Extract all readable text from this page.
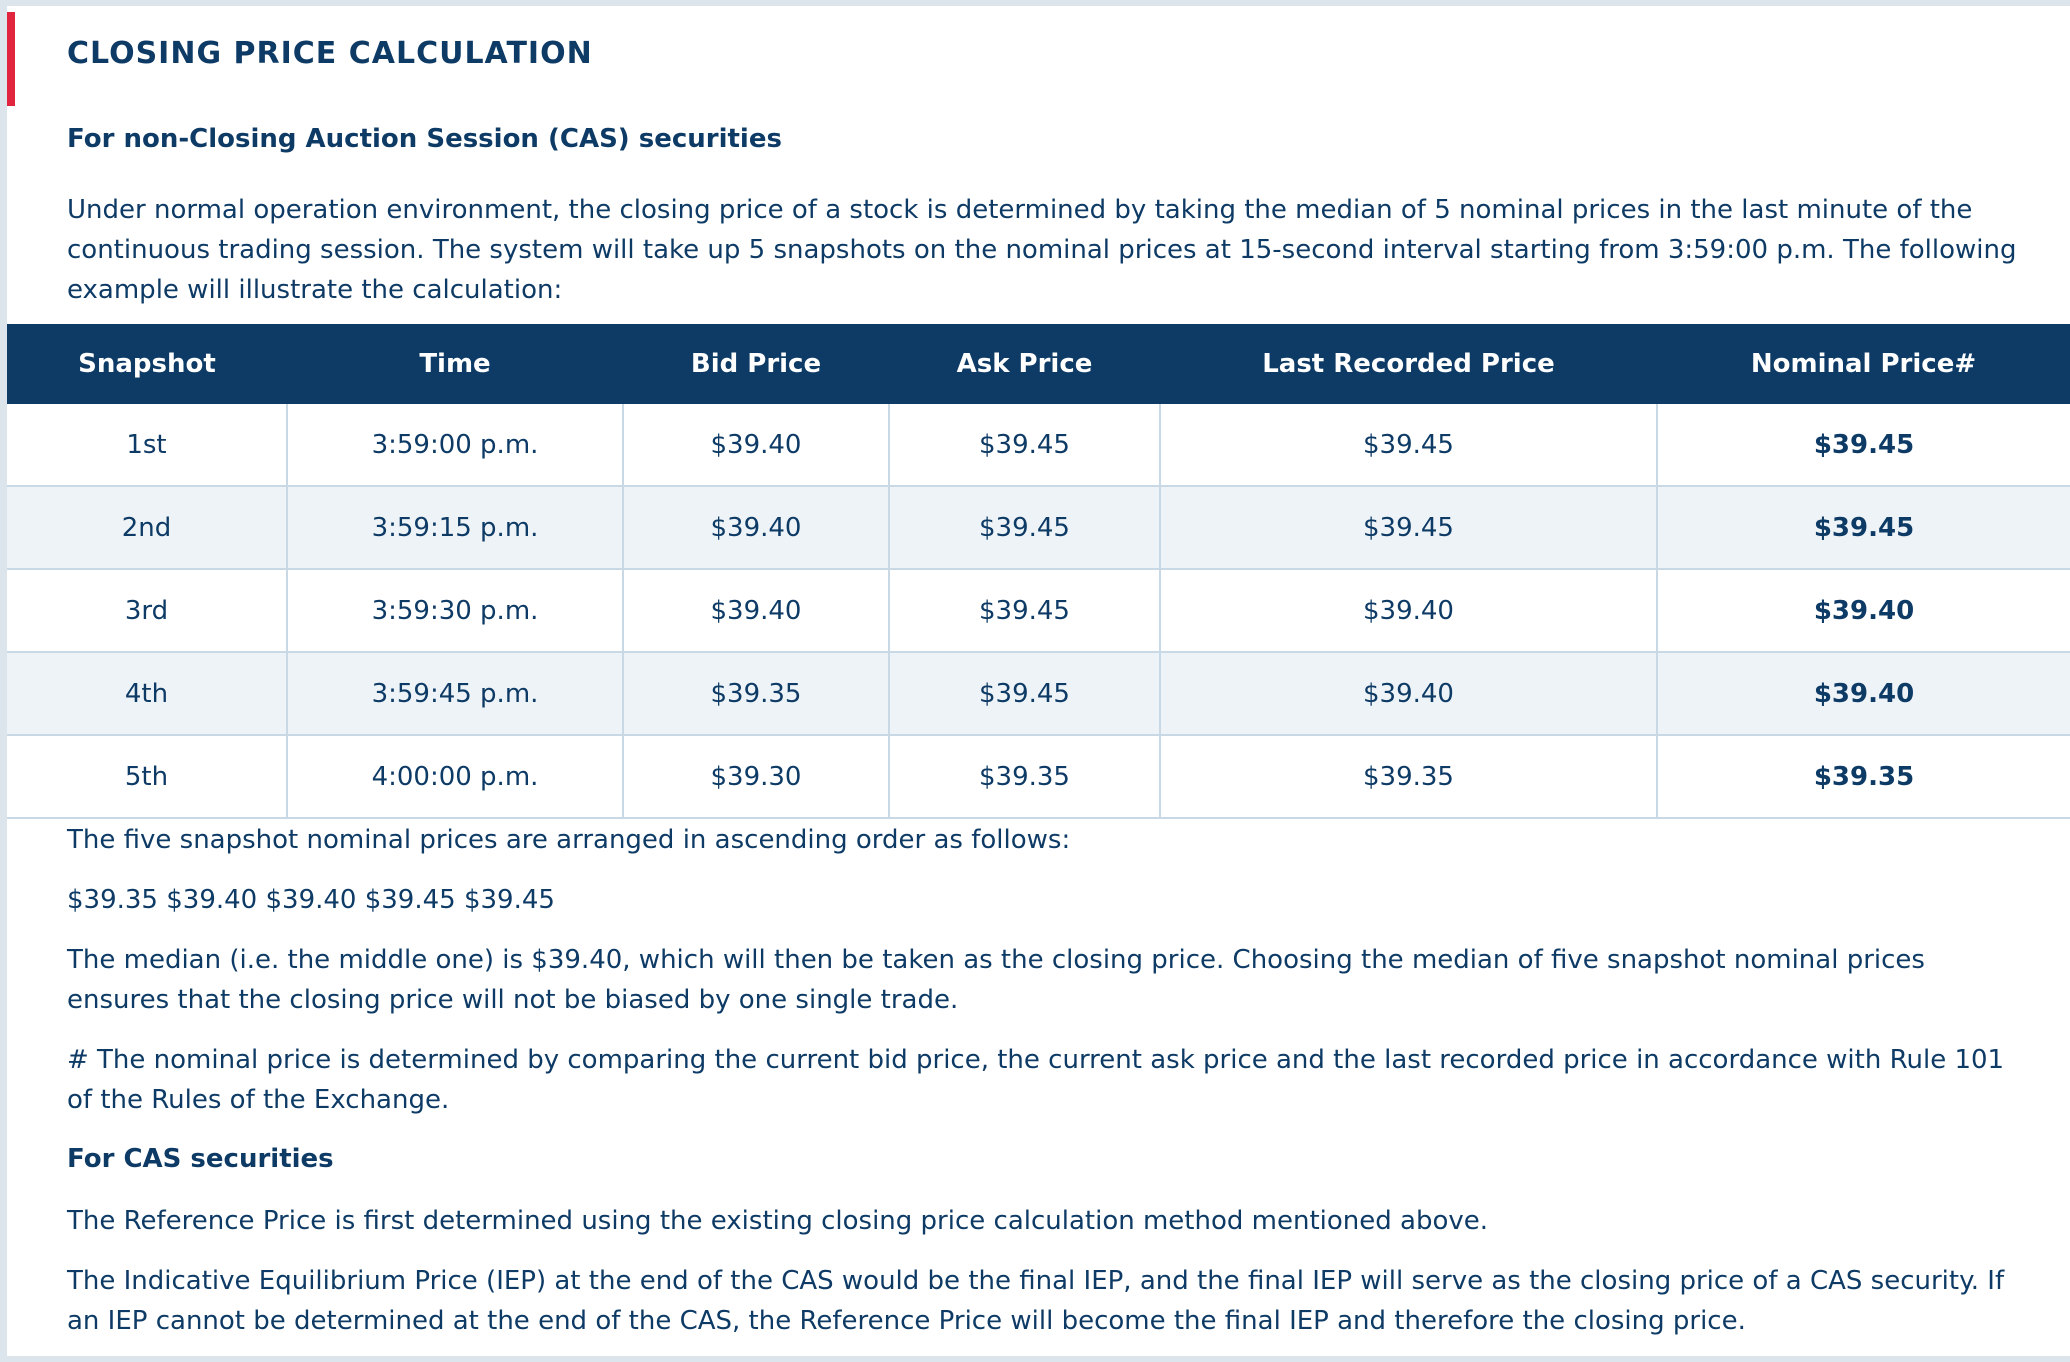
CLOSING PRICE CALCULATION
For non-Closing Auction Session (CAS) securities

Under normal operation environment, the closing price of a stock is determined by taking the median of 5 nominal prices in the last minute of the continuous trading session. The system will take up 5 snapshots on the nominal prices at 15-second interval starting from 3:59:00 p.m. The following example will illustrate the calculation:

Snapshot	Time	Bid Price	Ask Price	Last Recorded Price	Nominal Price#
1st	3:59:00 p.m.	$39.40	$39.45	$39.45	$39.45
2nd	3:59:15 p.m.	$39.40	$39.45	$39.45	$39.45
3rd	3:59:30 p.m.	$39.40	$39.45	$39.40	$39.40
4th	3:59:45 p.m.	$39.35	$39.45	$39.40	$39.40
5th	4:00:00 p.m.	$39.30	$39.35	$39.35	$39.35

The five snapshot nominal prices are arranged in ascending order as follows:

$39.35 $39.40 $39.40 $39.45 $39.45

The median (i.e. the middle one) is $39.40, which will then be taken as the closing price. Choosing the median of five snapshot nominal prices ensures that the closing price will not be biased by one single trade.

# The nominal price is determined by comparing the current bid price, the current ask price and the last recorded price in accordance with Rule 101 of the Rules of the Exchange.

For CAS securities

The Reference Price is first determined using the existing closing price calculation method mentioned above.

The Indicative Equilibrium Price (IEP) at the end of the CAS would be the final IEP, and the final IEP will serve as the closing price of a CAS security. If an IEP cannot be determined at the end of the CAS, the Reference Price will become the final IEP and therefore the closing price.
